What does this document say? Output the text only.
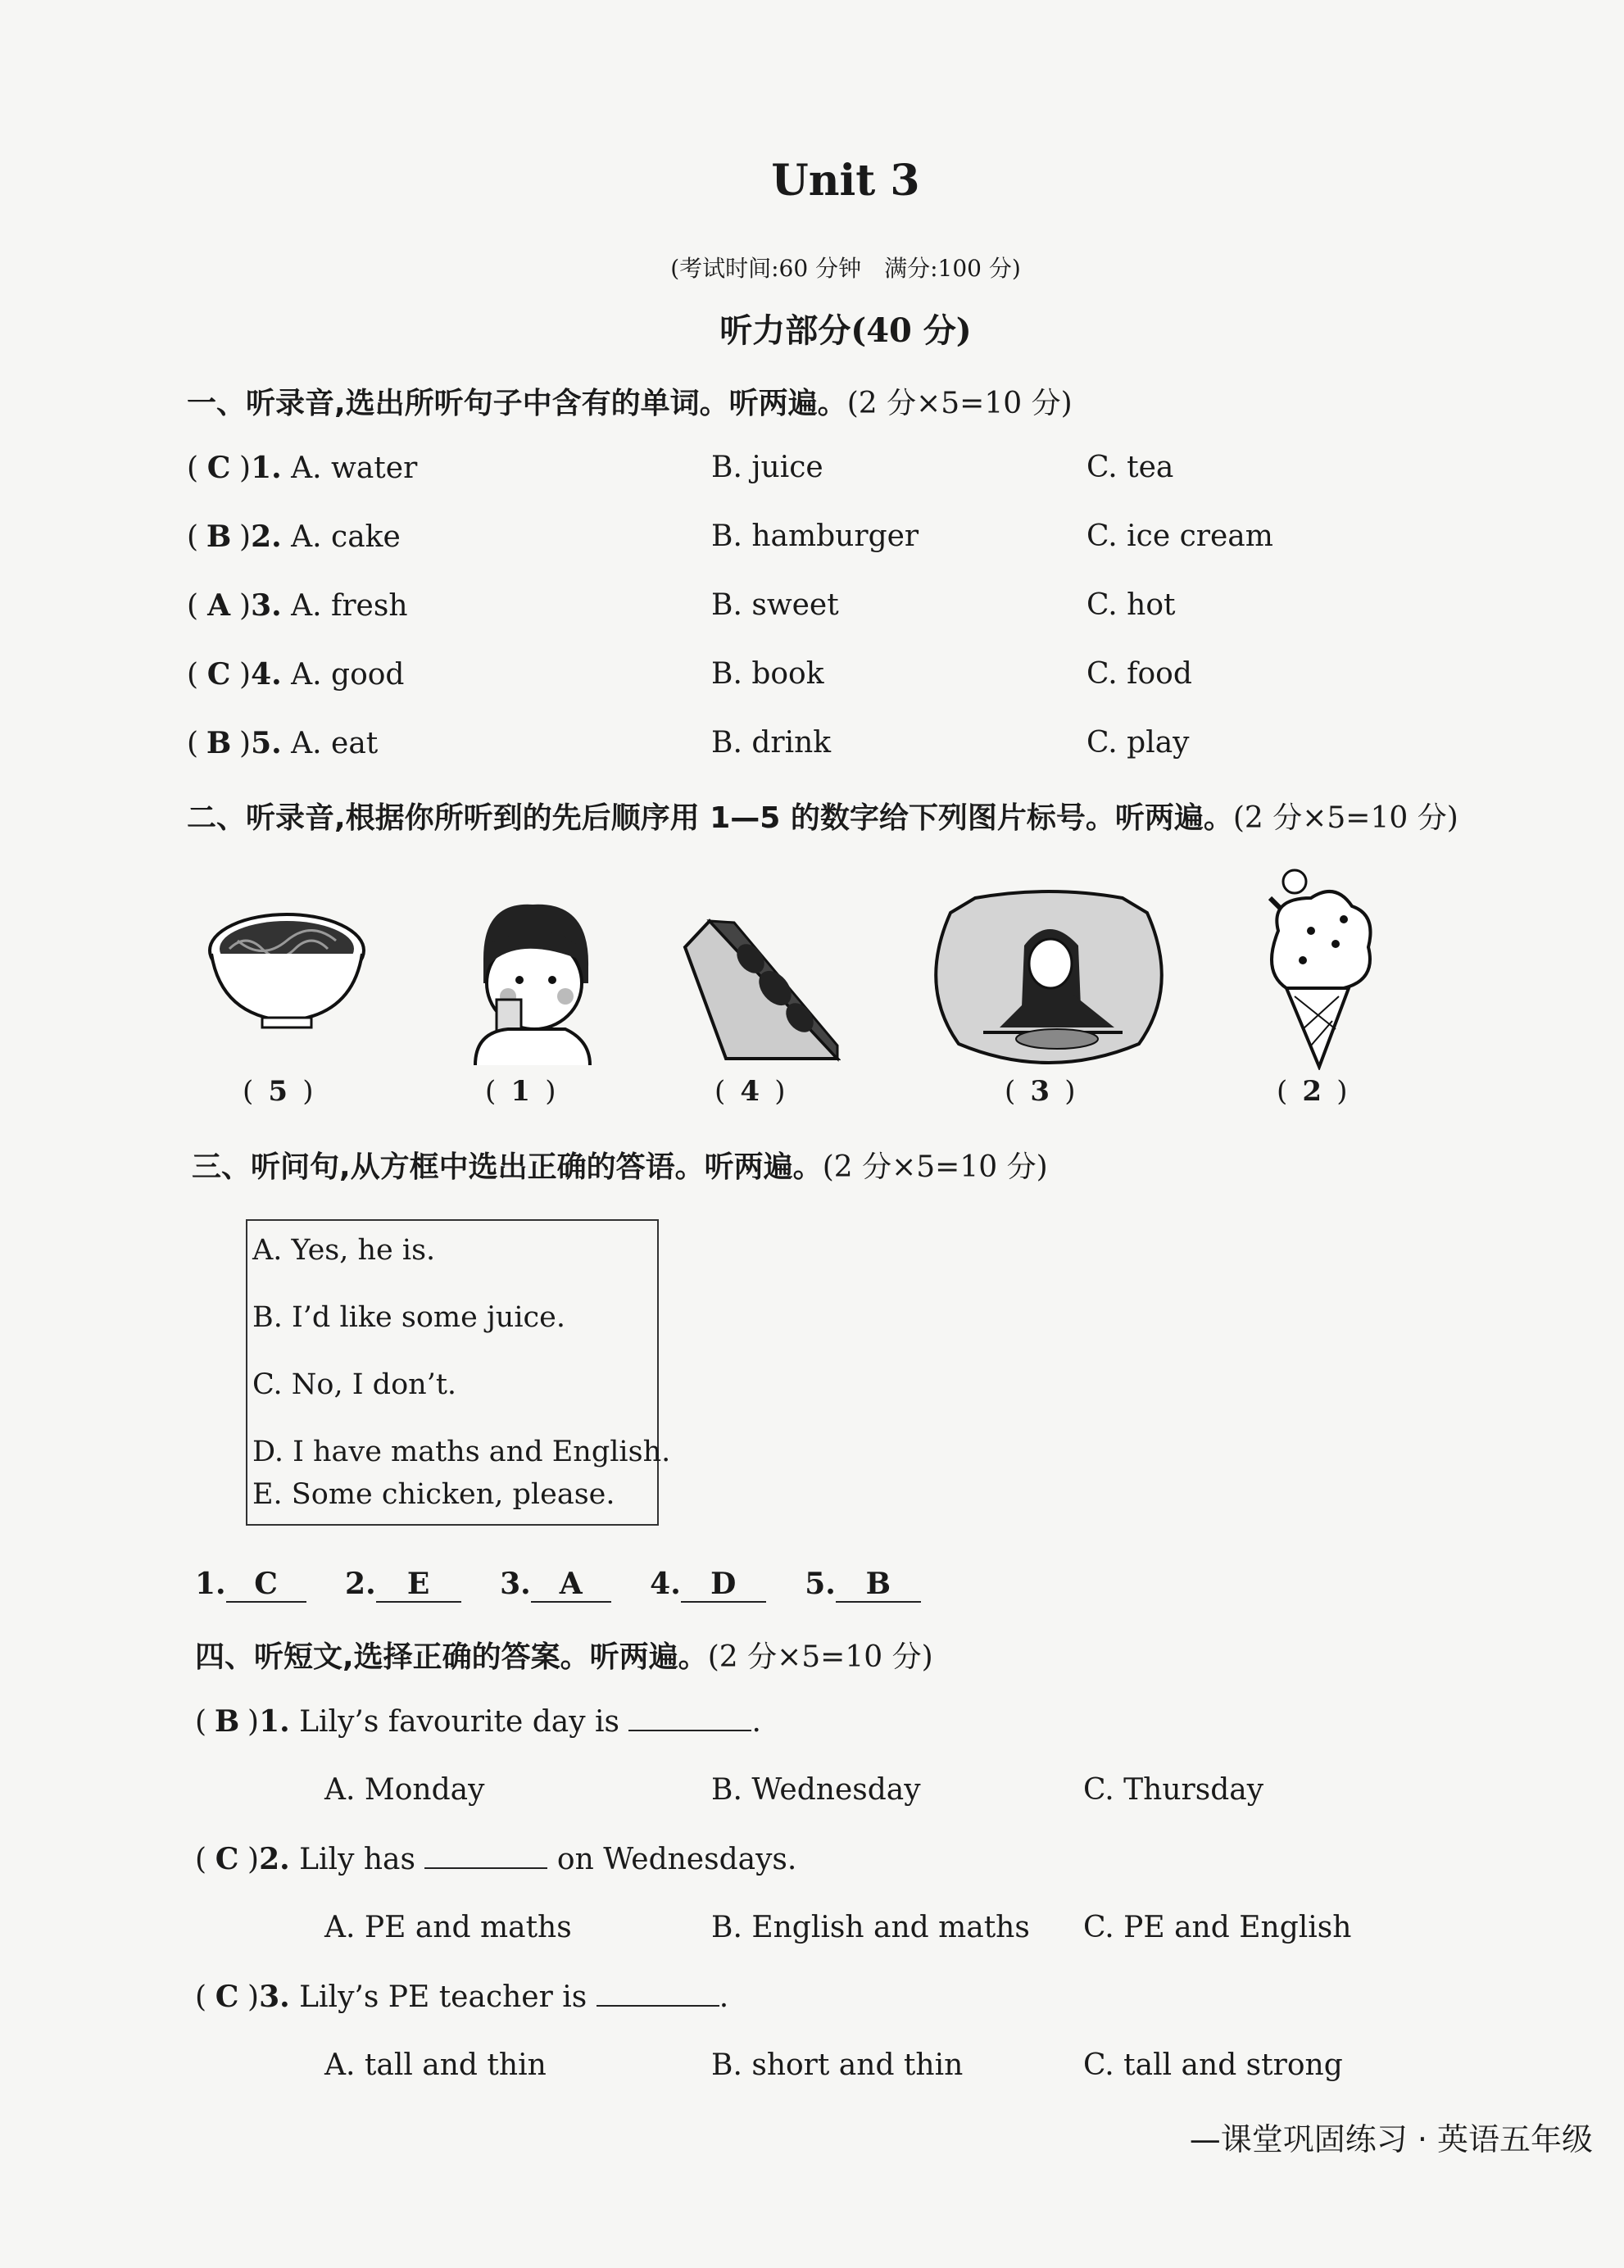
Unit 3
(考试时间:60 分钟　满分:100 分)
听力部分(40 分)
一、听录音,选出所听句子中含有的单词。听两遍。(2 分×5=10 分)
( C )1. A. water	B. juice	C. tea
( B )2. A. cake	B. hamburger	C. ice cream
( A )3. A. fresh	B. sweet	C. hot
( C )4. A. good	B. book	C. food
( B )5. A. eat	B. drink	C. play
二、听录音,根据你所听到的先后顺序用 1—5 的数字给下列图片标号。听两遍。(2 分×5=10 分)
( 5 )	( 1 )	( 4 )	( 3 )	( 2 )
三、听问句,从方框中选出正确的答语。听两遍。(2 分×5=10 分)
A. Yes, he is.
B. I’d like some juice.
C. No, I don’t.
D. I have maths and English.
E. Some chicken, please.
1. C 2. E 3. A 4. D 5. B
四、听短文,选择正确的答案。听两遍。(2 分×5=10 分)
( B )1. Lily’s favourite day is	.
A. Monday	B. Wednesday	C. Thursday
( C )2. Lily has	on Wednesdays.
A. PE and maths	B. English and maths C. PE and English
( C )3. Lily’s PE teacher is	.
A. tall and thin	B. short and thin	C. tall and strong
—课堂巩固练习 · 英语五年级
